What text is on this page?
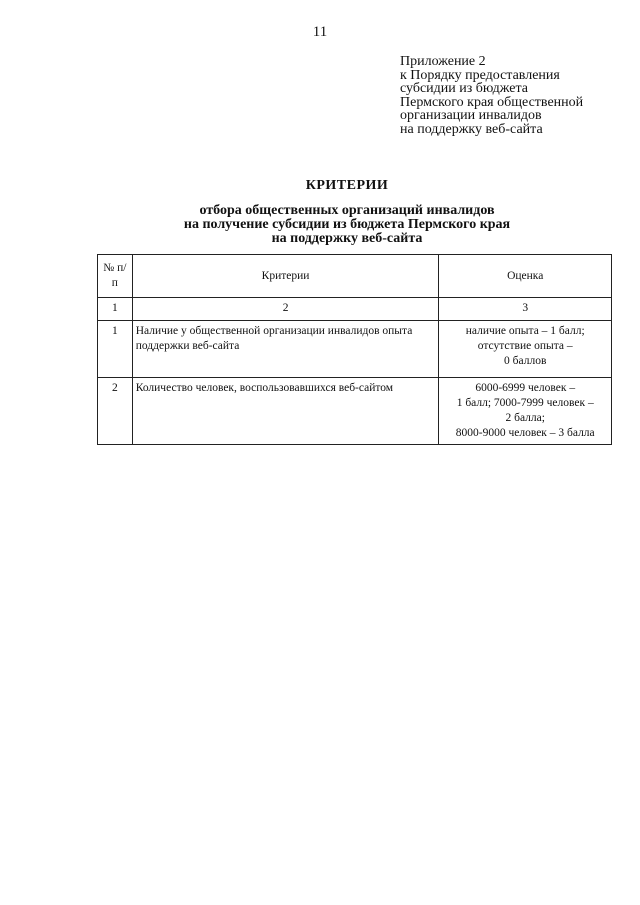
11
Приложение 2
к Порядку предоставления
субсидии из бюджета
Пермского края общественной
организации инвалидов
на поддержку веб-сайта
КРИТЕРИИ
отбора общественных организаций инвалидов
на получение субсидии из бюджета Пермского края
на поддержку веб-сайта
№ п/п	Критерии	Оценка
1	2	3
1	Наличие у общественной организации инвалидов опыта поддержки веб-сайта	наличие опыта – 1 балл;
отсутствие опыта –
0 баллов

2	Количество человек, воспользовавшихся веб-сайтом	6000-6999 человек –
1 балл; 7000-7999 человек –
2 балла;
8000-9000 человек – 3 балла
